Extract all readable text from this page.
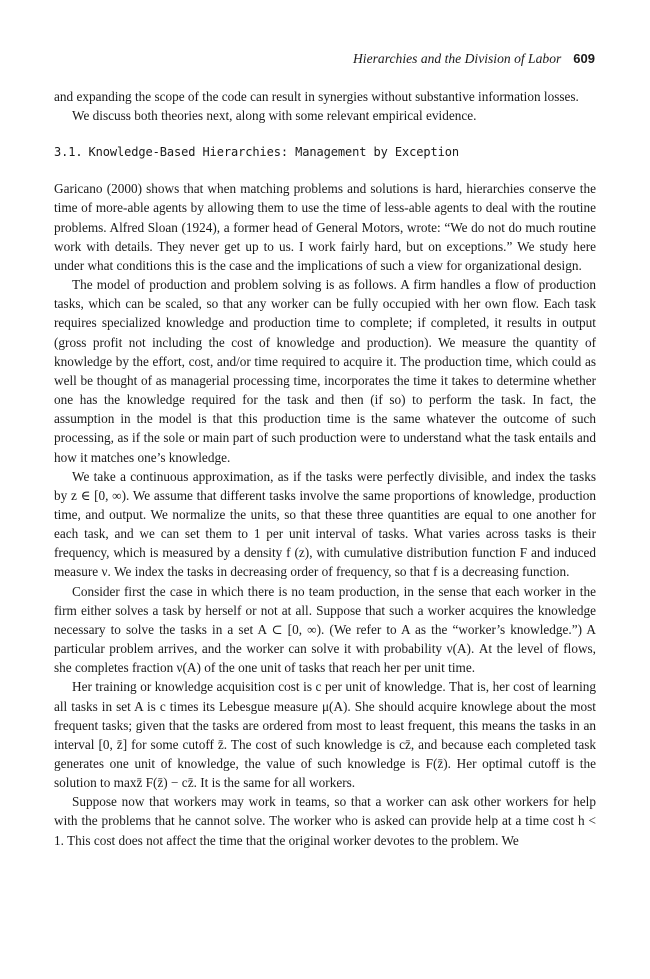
Hierarchies and the Division of Labor 609

and expanding the scope of the code can result in synergies without substantive information losses.

We discuss both theories next, along with some relevant empirical evidence.

3.1. Knowledge-Based Hierarchies: Management by Exception

Garicano (2000) shows that when matching problems and solutions is hard, hierarchies conserve the time of more-able agents by allowing them to use the time of less-able agents to deal with the routine problems. Alfred Sloan (1924), a former head of General Motors, wrote: “We do not do much routine work with details. They never get up to us. I work fairly hard, but on exceptions.” We study here under what conditions this is the case and the implications of such a view for organizational design.

The model of production and problem solving is as follows. A firm handles a flow of production tasks, which can be scaled, so that any worker can be fully occupied with her own flow. Each task requires specialized knowledge and production time to complete; if completed, it results in output (gross profit not including the cost of knowledge and production). We measure the quantity of knowledge by the effort, cost, and/or time required to acquire it. The production time, which could as well be thought of as managerial processing time, incorporates the time it takes to determine whether one has the knowledge required for the task and then (if so) to perform the task. In fact, the assumption in the model is that this production time is the same whatever the outcome of such processing, as if the sole or main part of such production were to understand what the task entails and how it matches one’s knowledge.

We take a continuous approximation, as if the tasks were perfectly divisible, and index the tasks by z ∈ [0, ∞). We assume that different tasks involve the same proportions of knowledge, production time, and output. We normalize the units, so that these three quantities are equal to one another for each task, and we can set them to 1 per unit interval of tasks. What varies across tasks is their frequency, which is measured by a density f (z), with cumulative distribution function F and induced measure ν. We index the tasks in decreasing order of frequency, so that f is a decreasing function.

Consider first the case in which there is no team production, in the sense that each worker in the firm either solves a task by herself or not at all. Suppose that such a worker acquires the knowledge necessary to solve the tasks in a set A ⊂ [0, ∞). (We refer to A as the “worker’s knowledge.”) A particular problem arrives, and the worker can solve it with probability ν(A). At the level of flows, she completes fraction ν(A) of the one unit of tasks that reach her per unit time.

Her training or knowledge acquisition cost is c per unit of knowledge. That is, her cost of learning all tasks in set A is c times its Lebesgue measure μ(A). She should acquire knowlege about the most frequent tasks; given that the tasks are ordered from most to least frequent, this means the tasks in an interval [0, z̄] for some cutoff z̄. The cost of such knowledge is cz̄, and because each completed task generates one unit of knowledge, the value of such knowledge is F(z̄). Her optimal cutoff is the solution to maxz̄ F(z̄) − cz̄. It is the same for all workers.

Suppose now that workers may work in teams, so that a worker can ask other workers for help with the problems that he cannot solve. The worker who is asked can provide help at a time cost h < 1. This cost does not affect the time that the original worker devotes to the problem. We
